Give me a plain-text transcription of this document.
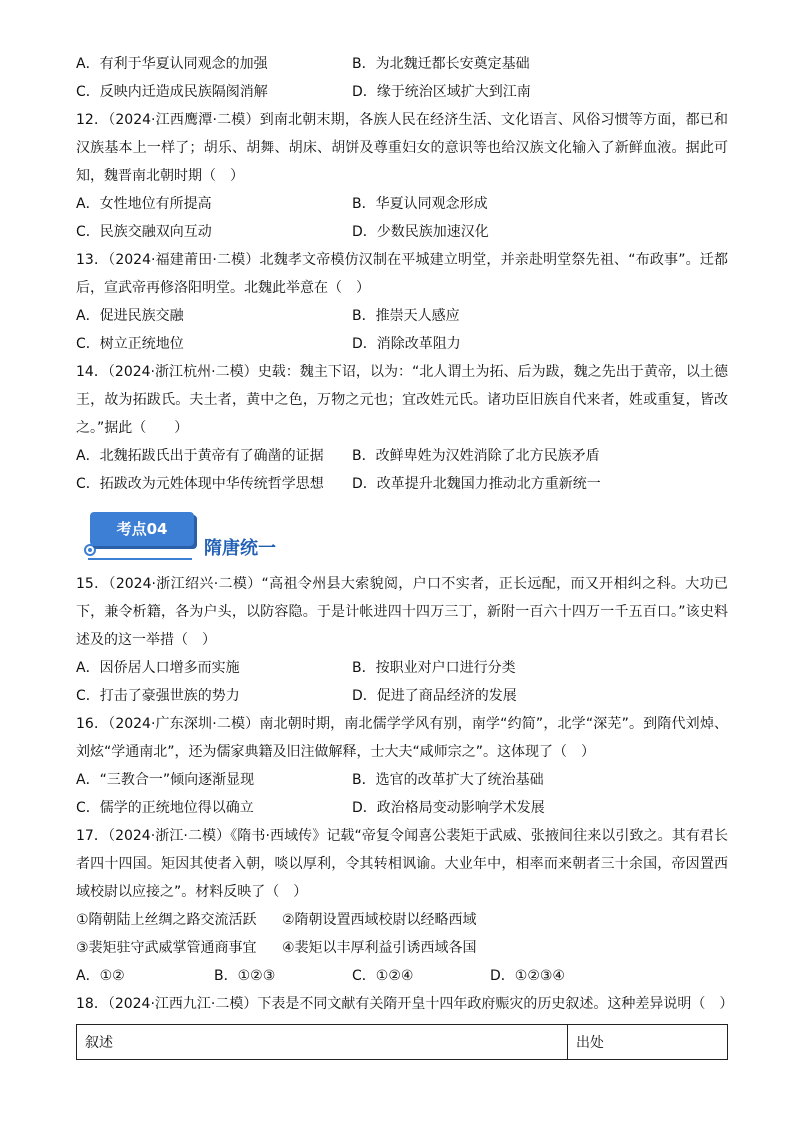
A．有利于华夏认同观念的加强	B．为北魏迁都长安奠定基础
C．反映内迁造成民族隔阂消解	D．缘于统治区域扩大到江南

12．（2024·江西鹰潭·二模）到南北朝末期，各族人民在经济生活、文化语言、风俗习惯等方面，都已和汉族基本上一样了；胡乐、胡舞、胡床、胡饼及尊重妇女的意识等也给汉族文化输入了新鲜血液。据此可知，魏晋南北朝时期（　）

A．女性地位有所提高	B．华夏认同观念形成
C．民族交融双向互动	D．少数民族加速汉化

13．（2024·福建莆田·二模）北魏孝文帝模仿汉制在平城建立明堂，并亲赴明堂祭先祖、“布政事”。迁都后，宣武帝再修洛阳明堂。北魏此举意在（　）

A．促进民族交融	B．推崇天人感应
C．树立正统地位	D．消除改革阻力

14．（2024·浙江杭州·二模）史载：魏主下诏，以为：“北人谓土为拓、后为跋，魏之先出于黄帝，以土德王，故为拓跋氏。夫土者，黄中之色，万物之元也；宜改姓元氏。诸功臣旧族自代来者，姓或重复，皆改之。”据此（　　）

A．北魏拓跋氏出于黄帝有了确凿的证据	B．改鲜卑姓为汉姓消除了北方民族矛盾
C．拓跋改为元姓体现中华传统哲学思想	D．改革提升北魏国力推动北方重新统一
考点04
隋唐统一

15．（2024·浙江绍兴·二模）“高祖令州县大索貌阅，户口不实者，正长远配，而又开相纠之科。大功已下，兼令析籍，各为户头，以防容隐。于是计帐进四十四万三丁，新附一百六十四万一千五百口。”该史料述及的这一举措（　）

A．因侨居人口增多而实施	B．按职业对户口进行分类
C．打击了豪强世族的势力	D．促进了商品经济的发展

16．（2024·广东深圳·二模）南北朝时期，南北儒学学风有别，南学“约简”，北学“深芜”。到隋代刘焯、刘炫“学通南北”，还为儒家典籍及旧注做解释，士大夫“咸师宗之”。这体现了（　）

A．“三教合一”倾向逐渐显现	B．选官的改革扩大了统治基础
C．儒学的正统地位得以确立	D．政治格局变动影响学术发展

17．（2024·浙江·二模）《隋书·西域传》记载“帝复令闻喜公裴矩于武威、张掖间往来以引致之。其有君长者四十四国。矩因其使者入朝，啖以厚利，令其转相讽谕。大业年中，相率而来朝者三十余国，帝因置西域校尉以应接之”。材料反映了（　）

①隋朝陆上丝绸之路交流活跃	②隋朝设置西域校尉以经略西域
③裴矩驻守武威掌管通商事宜	④裴矩以丰厚利益引诱西域各国
A．①②	B．①②③	C．①②④	D．①②③④

18．（2024·江西九江·二模）下表是不同文献有关隋开皇十四年政府赈灾的历史叙述。这种差异说明（　）

叙述	出处
